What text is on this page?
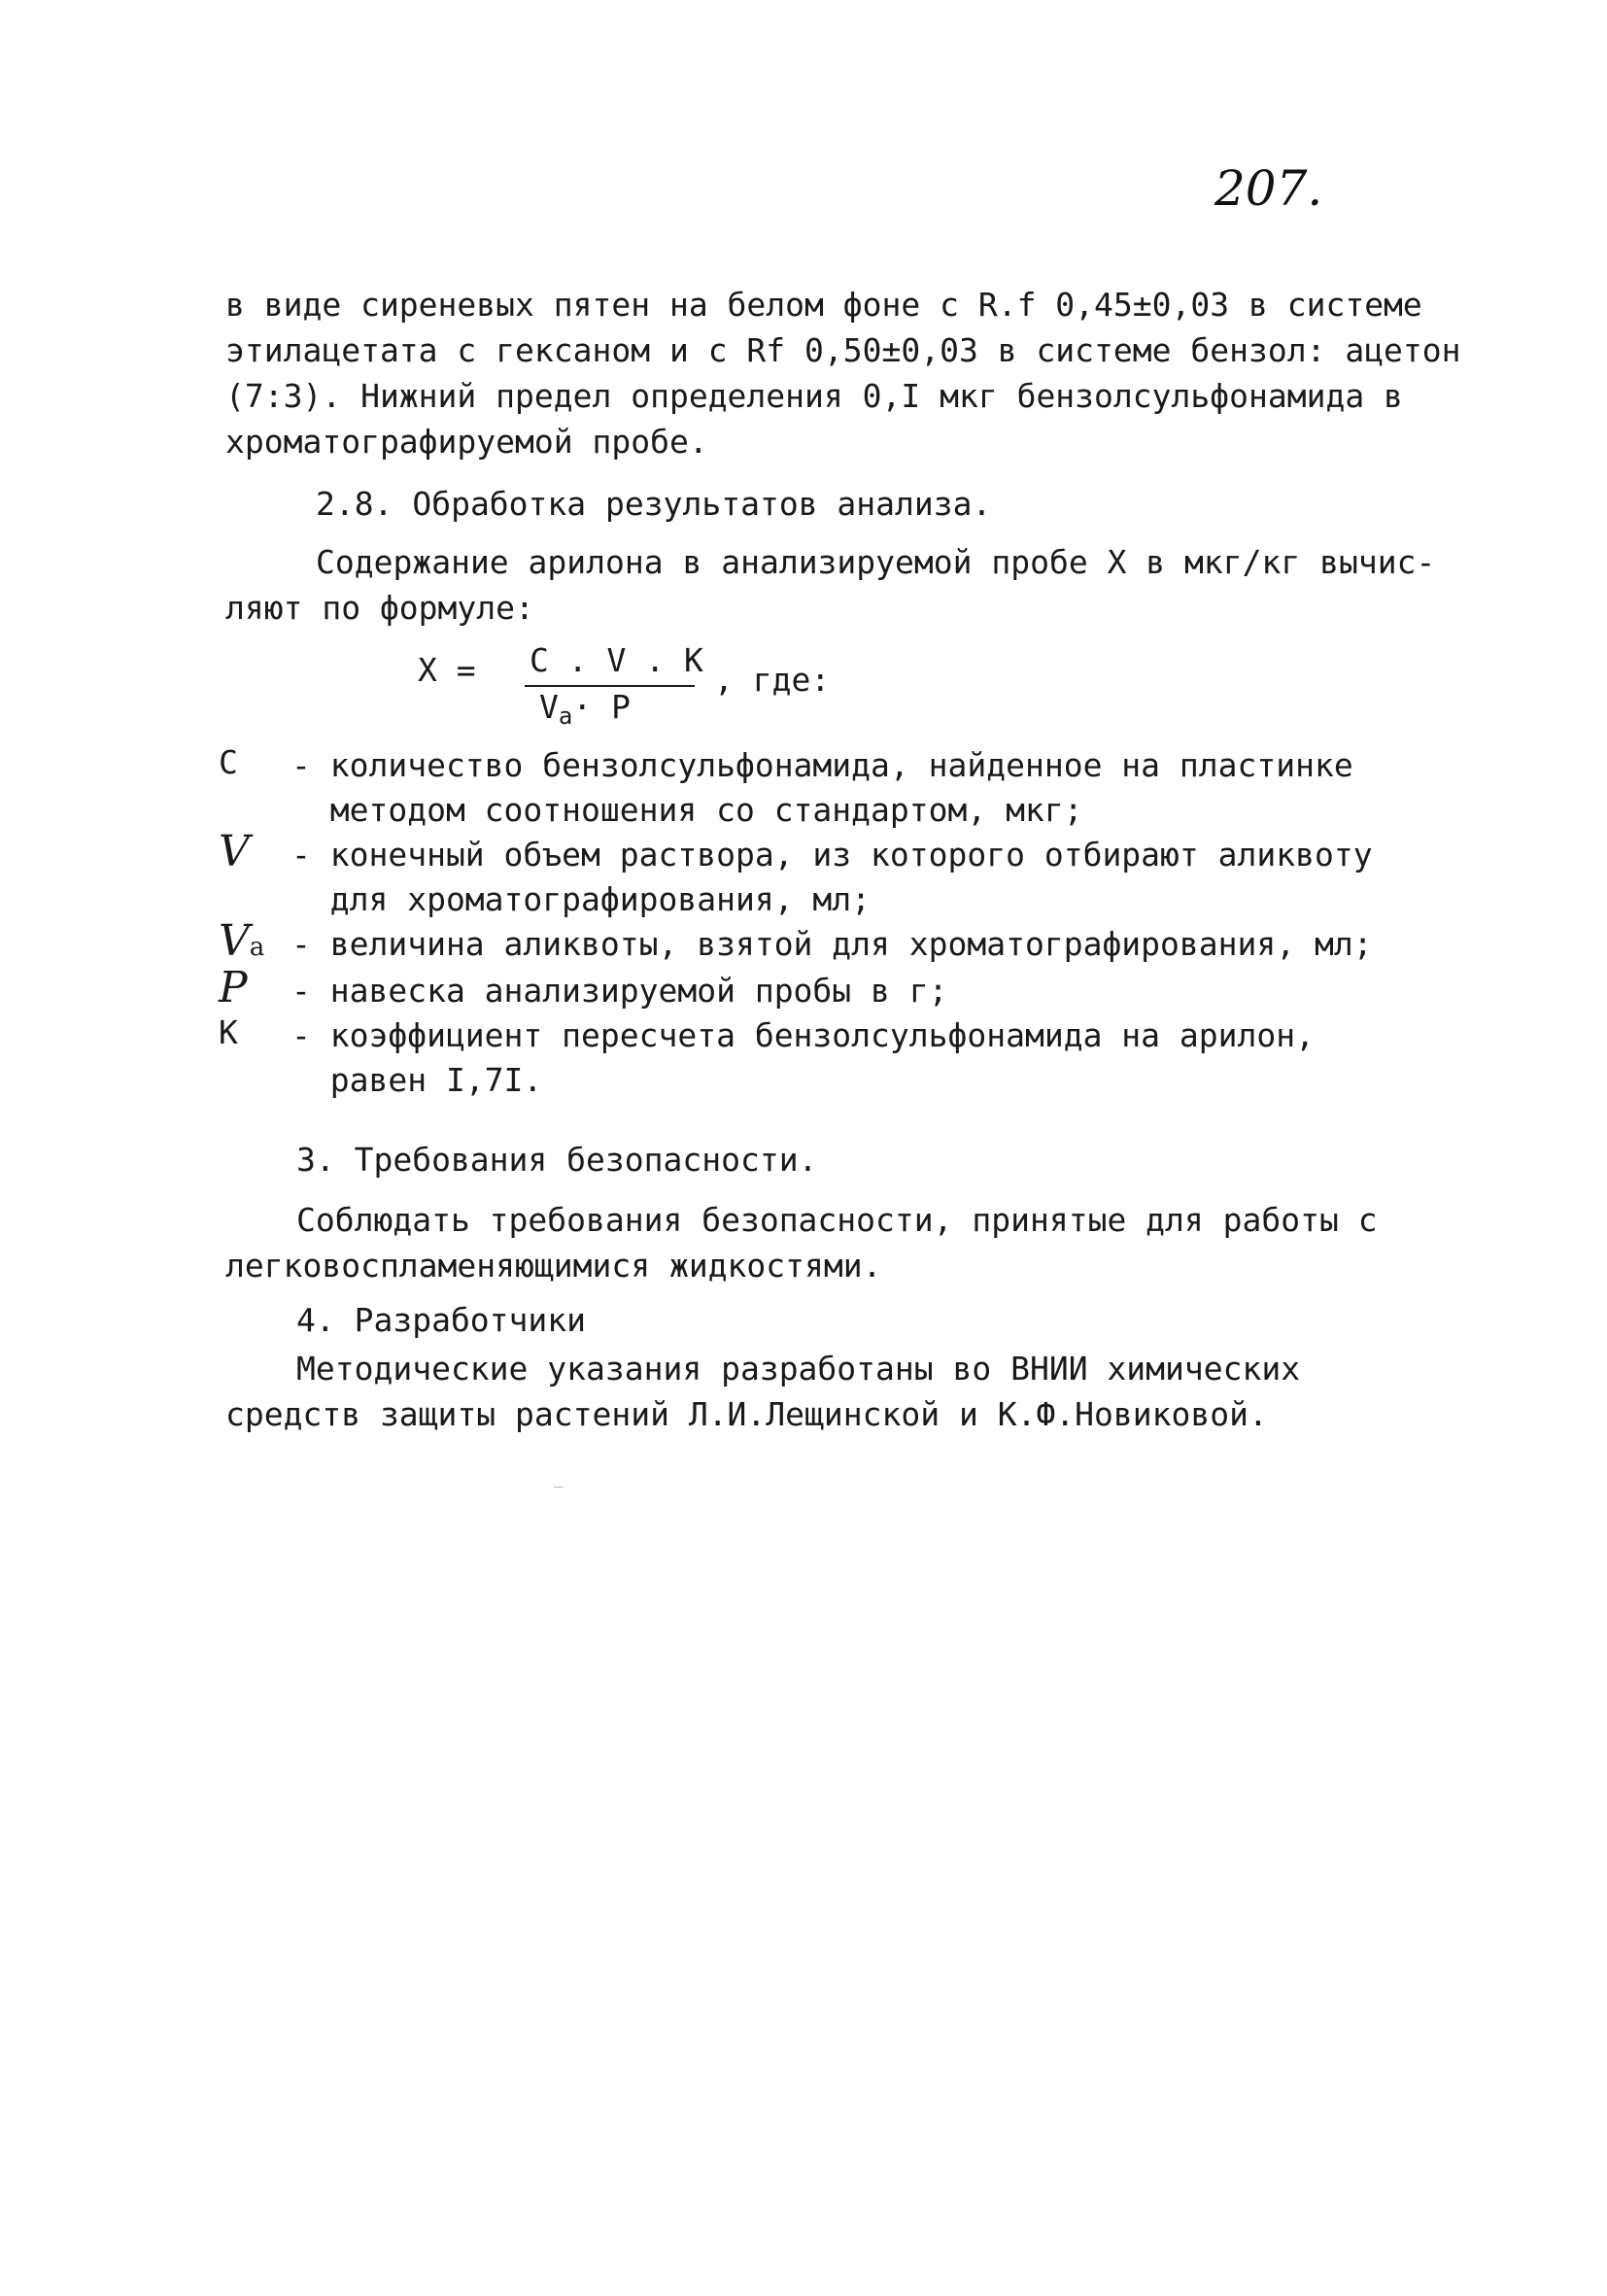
207.
в виде сиреневых пятен на белом фоне с R.f 0,45±0,03 в системе
этилацетата с гексаном и с Rf 0,50±0,03 в системе бензол: ацетон
(7:3). Нижний предел определения 0,I мкг бензолсульфонамида в
хроматографируемой пробе.
2.8. Обработка результатов анализа.
Содержание арилона в анализируемой пробе Х в мкг/кг вычис-
ляют по формуле:
X = C . V . K
Va· P
, где:
C	- количество бензолсульфонамида, найденное на пластинке
методом соотношения со стандартом, мкг;
V	- конечный объем раствора, из которого отбирают аликвоту
для хроматографирования, мл;
Va - величина аликвоты, взятой для хроматографирования, мл;
P	- навеска анализируемой пробы в г;
K	- коэффициент пересчета бензолсульфонамида на арилон,
равен I,7I.
3. Требования безопасности.
Соблюдать требования безопасности, принятые для работы с
легковоспламеняющимися жидкостями.
4. Разработчики
Методические указания разработаны во ВНИИ химических
средств защиты растений Л.И.Лещинской и К.Ф.Новиковой.
